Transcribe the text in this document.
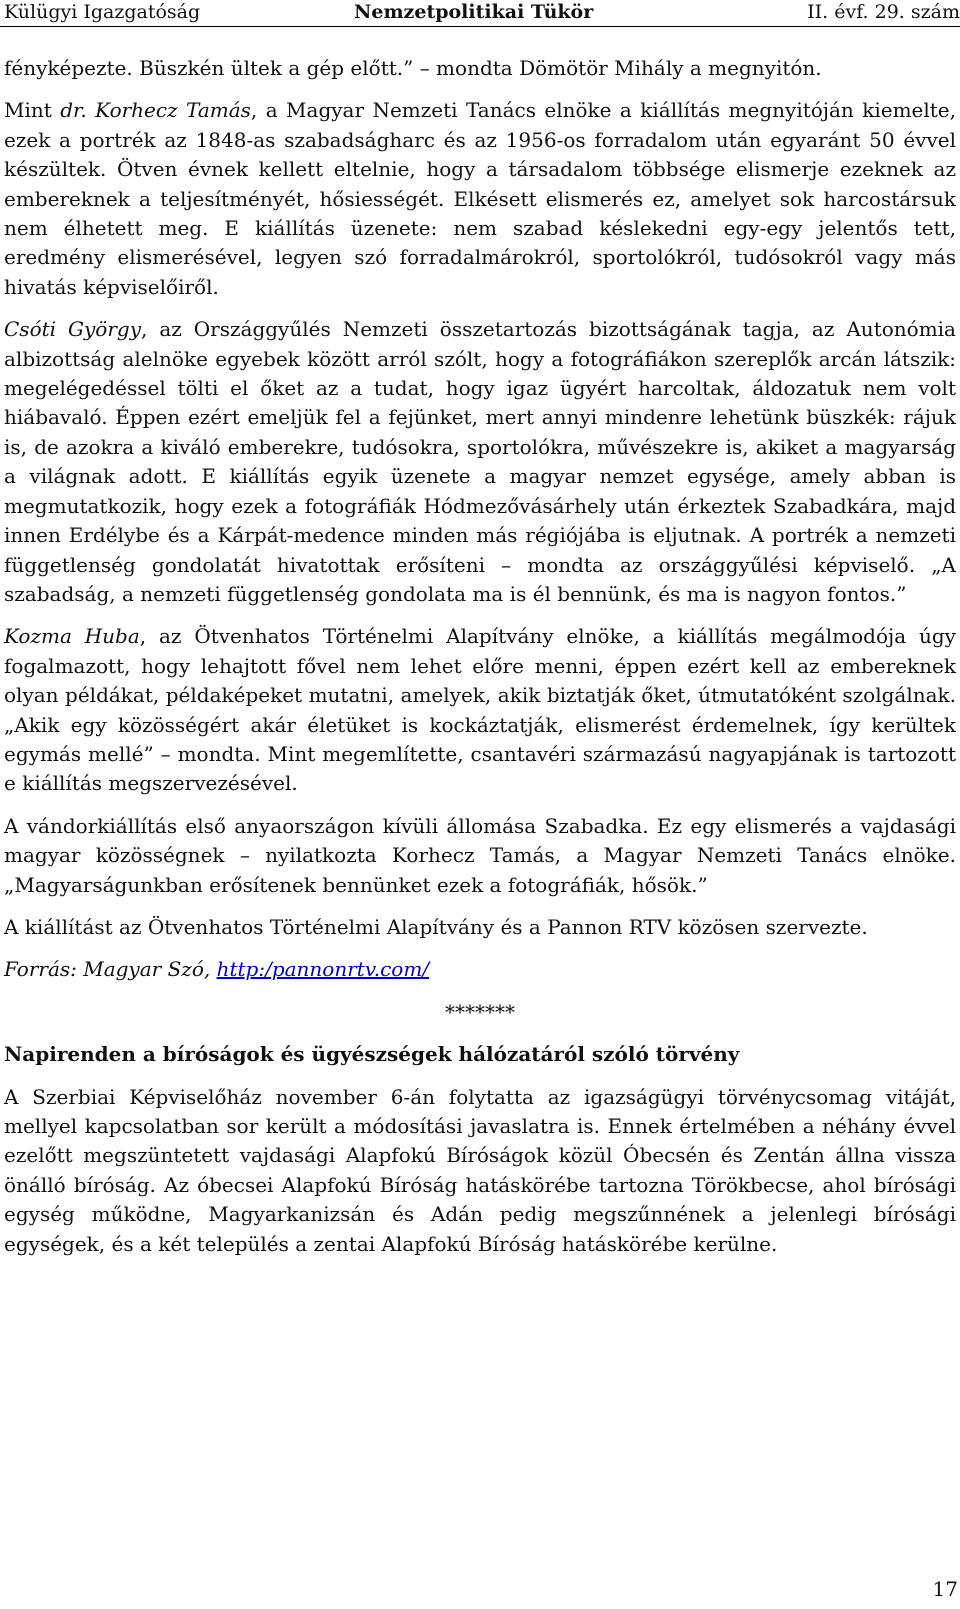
Külügyi Igazgatóság	Nemzetpolitikai Tükör	II. évf. 29. szám

fényképezte. Büszkén ültek a gép előtt.” – mondta Dömötör Mihály a megnyitón.

Mint dr. Korhecz Tamás, a Magyar Nemzeti Tanács elnöke a kiállítás megnyitóján kiemelte, ezek a portrék az 1848-as szabadságharc és az 1956-os forradalom után egyaránt 50 évvel készültek. Ötven évnek kellett eltelnie, hogy a társadalom többsége elismerje ezeknek az embereknek a teljesítményét, hősiességét. Elkésett elismerés ez, amelyet sok harcostársuk nem élhetett meg. E kiállítás üzenete: nem szabad késlekedni egy-egy jelentős tett, eredmény elismerésével, legyen szó forradalmárokról, sportolókról, tudósokról vagy más hivatás képviselőiről.

Csóti György, az Országgyűlés Nemzeti összetartozás bizottságának tagja, az Autonómia albizottság alelnöke egyebek között arról szólt, hogy a fotográfiákon szereplők arcán látszik: megelégedéssel tölti el őket az a tudat, hogy igaz ügyért harcoltak, áldozatuk nem volt hiábavaló. Éppen ezért emeljük fel a fejünket, mert annyi mindenre lehetünk büszkék: rájuk is, de azokra a kiváló emberekre, tudósokra, sportolókra, művészekre is, akiket a magyarság a világnak adott. E kiállítás egyik üzenete a magyar nemzet egysége, amely abban is megmutatkozik, hogy ezek a fotográfiák Hódmezővásárhely után érkeztek Szabadkára, majd innen Erdélybe és a Kárpát-medence minden más régiójába is eljutnak. A portrék a nemzeti függetlenség gondolatát hivatottak erősíteni – mondta az országgyűlési képviselő. „A szabadság, a nemzeti függetlenség gondolata ma is él bennünk, és ma is nagyon fontos.”

Kozma Huba, az Ötvenhatos Történelmi Alapítvány elnöke, a kiállítás megálmodója úgy fogalmazott, hogy lehajtott fővel nem lehet előre menni, éppen ezért kell az embereknek olyan példákat, példaképeket mutatni, amelyek, akik biztatják őket, útmutatóként szolgálnak. „Akik egy közösségért akár életüket is kockáztatják, elismerést érdemelnek, így kerültek egymás mellé” – mondta. Mint megemlítette, csantavéri származású nagyapjának is tartozott e kiállítás megszervezésével.

A vándorkiállítás első anyaországon kívüli állomása Szabadka. Ez egy elismerés a vajdasági magyar közösségnek – nyilatkozta Korhecz Tamás, a Magyar Nemzeti Tanács elnöke. „Magyarságunkban erősítenek bennünket ezek a fotográfiák, hősök.”

A kiállítást az Ötvenhatos Történelmi Alapítvány és a Pannon RTV közösen szervezte.

Forrás: Magyar Szó, http:/pannonrtv.com/

*******
Napirenden a bíróságok és ügyészségek hálózatáról szóló törvény

A Szerbiai Képviselőház november 6-án folytatta az igazságügyi törvénycsomag vitáját, mellyel kapcsolatban sor került a módosítási javaslatra is. Ennek értelmében a néhány évvel ezelőtt megszüntetett vajdasági Alapfokú Bíróságok közül Óbecsén és Zentán állna vissza önálló bíróság. Az óbecsei Alapfokú Bíróság hatáskörébe tartozna Törökbecse, ahol bírósági egység működne, Magyarkanizsán és Adán pedig megszűnnének a jelenlegi bírósági egységek, és a két település a zentai Alapfokú Bíróság hatáskörébe kerülne.

17
